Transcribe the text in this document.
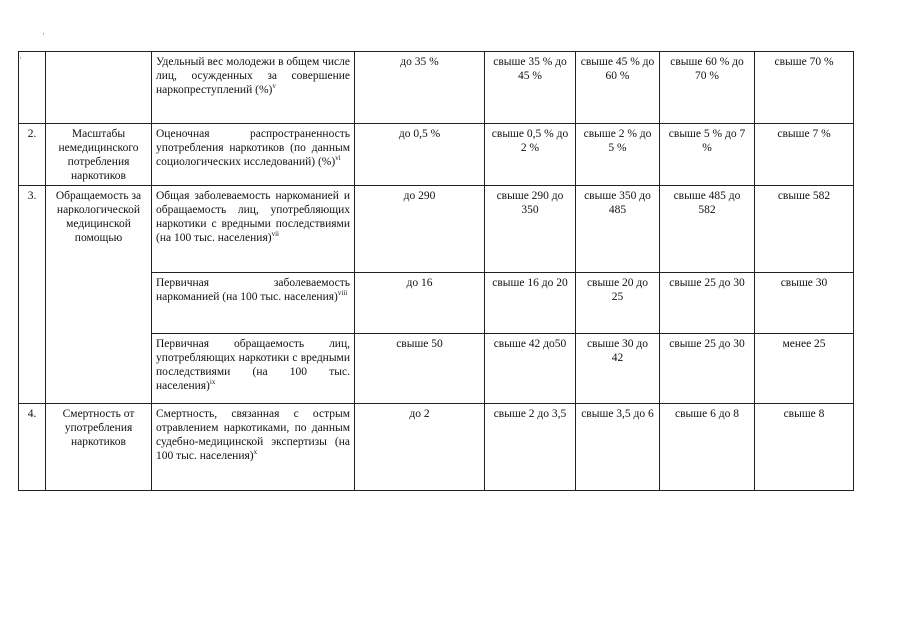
·
·
			Удельный вес молодежи в общем числе лиц, осужденных за совершение наркопреступлений (%)$^v$	до 35 %	свыше 35 % до 45 %	свыше 45 % до 60 %	свыше 60 % до 70 %	свыше 70 %
2.	Масштабы немедицинского потребления наркотиков	Оценочная распространенность употребления наркотиков (по данным социологических исследований) (%)$^{vi}$	до 0,5 %	свыше 0,5 % до 2 %	свыше 2 % до 5 %	свыше 5 % до 7 %	свыше 7 %
3.	Обращаемость за наркологической медицинской помощью	Общая заболеваемость наркоманией и обращаемость лиц, употребляющих наркотики с вредными последствиями (на 100 тыс. населения)$^{vii}$	до 290	свыше 290 до 350	свыше 350 до 485	свыше 485 до 582	свыше 582
		Первичная заболеваемость наркоманией (на 100 тыс. населения)$^{viii}$	до 16	свыше 16 до 20	свыше 20 до 25	свыше 25 до 30	свыше 30
		Первичная обращаемость лиц, употребляющих наркотики с вредными последствиями (на 100 тыс. населения)$^{ix}$	свыше 50	свыше 42 до50	свыше 30 до 42	свыше 25 до 30	менее 25
4.	Смертность от употребления наркотиков	Смертность, связанная с острым отравлением наркотиками, по данным судебно-медицинской экспертизы (на 100 тыс. населения)$^x$	до 2	свыше 2 до 3,5	свыше 3,5 до 6	свыше 6 до 8	свыше 8
